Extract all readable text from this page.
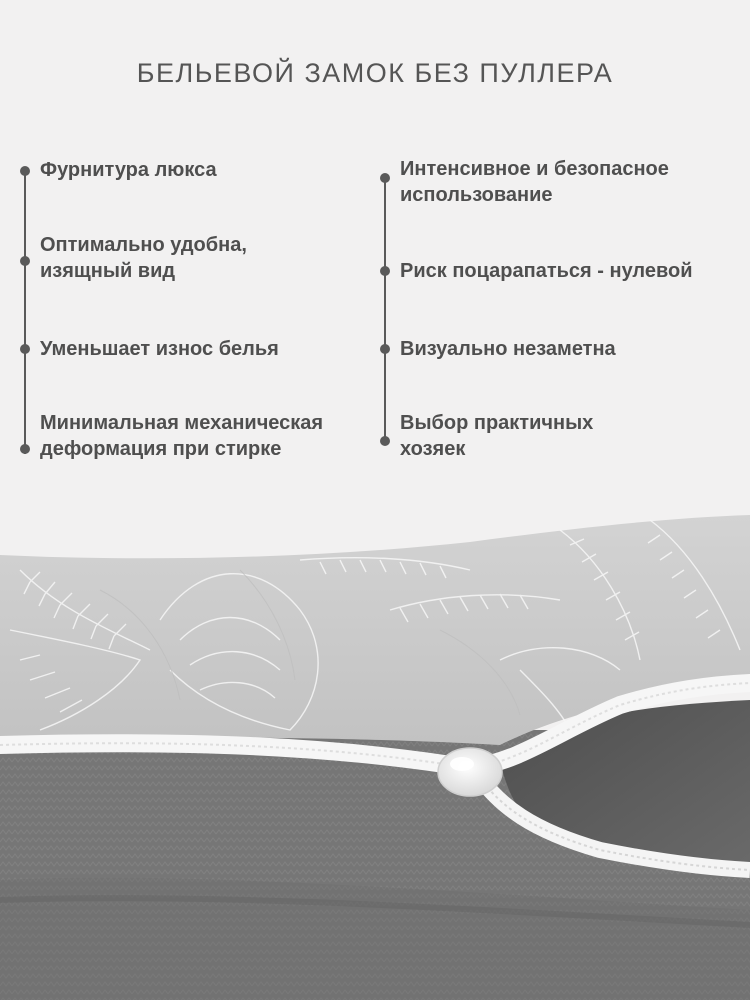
БЕЛЬЕВОЙ ЗАМОК БЕЗ ПУЛЛЕРА
Фурнитура люкса
Оптимально удобна,
изящный вид
Уменьшает износ белья
Минимальная механическая
деформация при стирке
Интенсивное и безопасное
использование
Риск поцарапаться - нулевой
Визуально незаметна
Выбор практичных
хозяек
